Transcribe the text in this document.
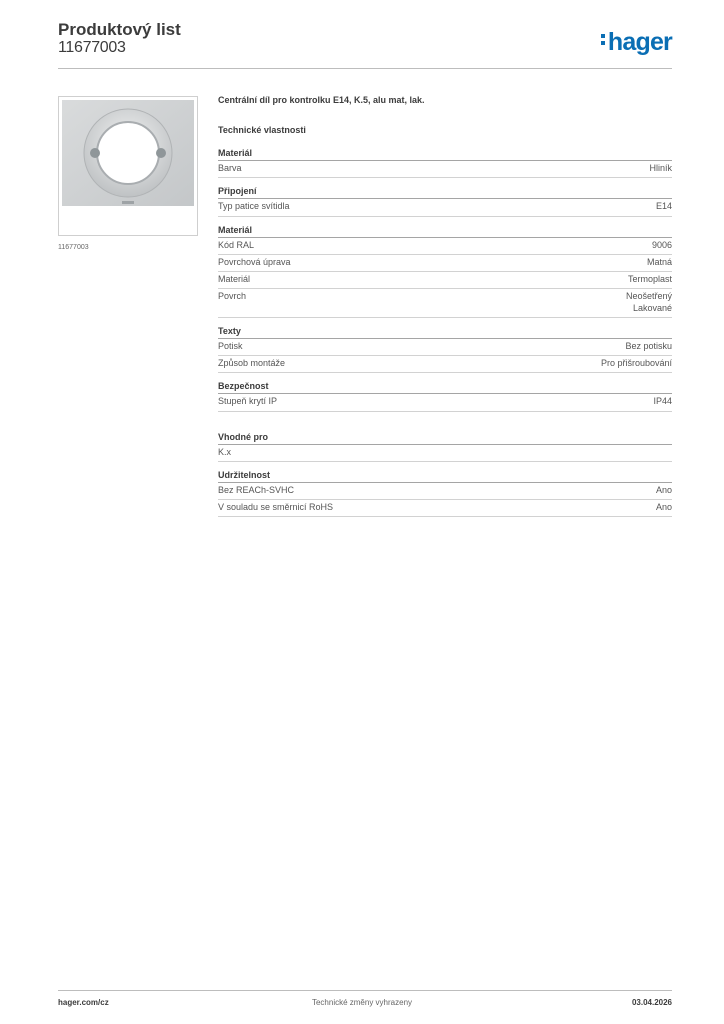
Produktový list
11677003	hager
11677003
Centrální díl pro kontrolku E14, K.5, alu mat, lak.
Technické vlastnosti
Materiál
Barva	Hliník
Připojení
Typ patice svítidla	E14
Materiál
Kód RAL	9006
Povrchová úprava	Matná
Materiál	Termoplast
Povrch	Neošetřený
Lakované
Texty
Potisk	Bez potisku
Způsob montáže	Pro přišroubování
Bezpečnost
Stupeň krytí IP	IP44
Vhodné pro
K.x
Udržitelnost
Bez REACh-SVHC	Ano
V souladu se směrnicí RoHS	Ano
hager.com/cz	Technické změny vyhrazeny	03.04.2026
